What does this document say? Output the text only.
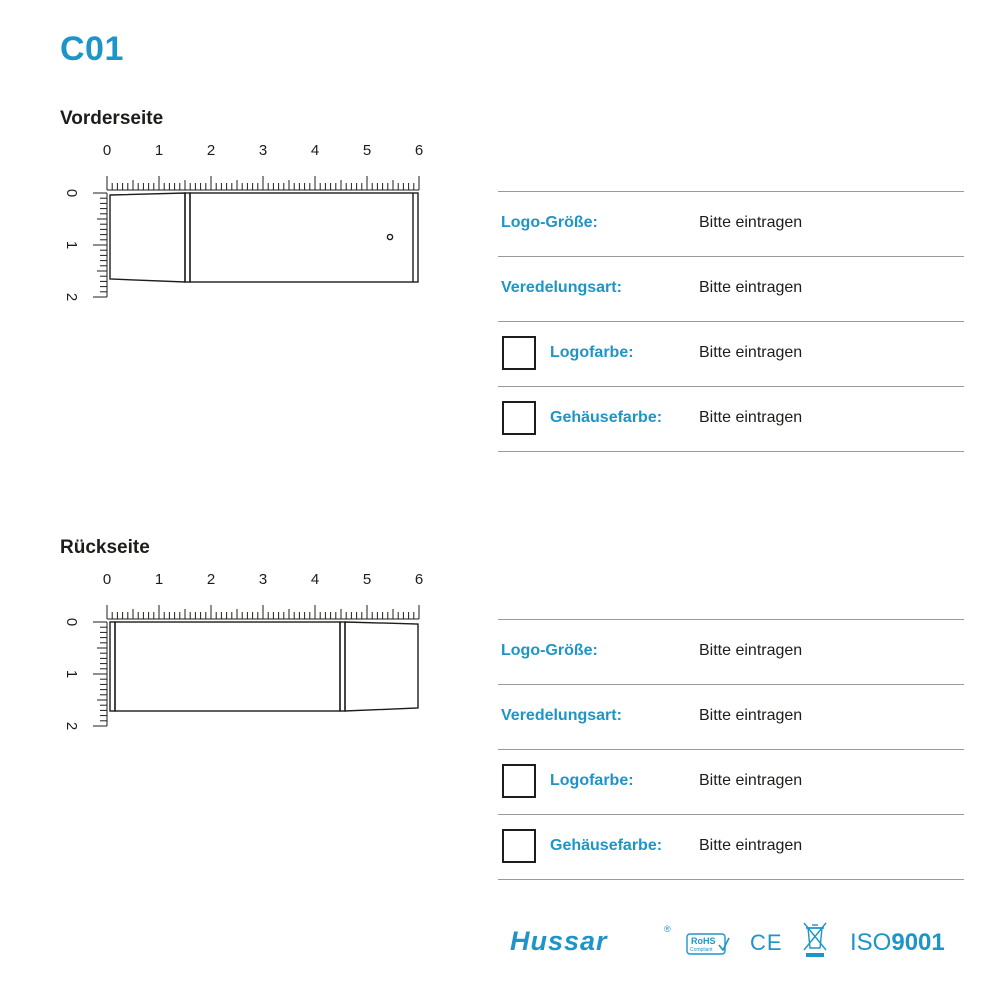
C01
Vorderseite
0	1	2	3	4	5	6
0
1
2
Logo-Größe:	Bitte eintragen
Veredelungsart:	Bitte eintragen
Logofarbe:	Bitte eintragen
Gehäusefarbe: Bitte eintragen
Rückseite
0	1	2	3	4	5	6
0
1
2
Logo-Größe:	Bitte eintragen
Veredelungsart:	Bitte eintragen
Logofarbe:	Bitte eintragen
Gehäusefarbe: Bitte eintragen
Hussar	®
RoHS
Compliant CE	ISO9001
